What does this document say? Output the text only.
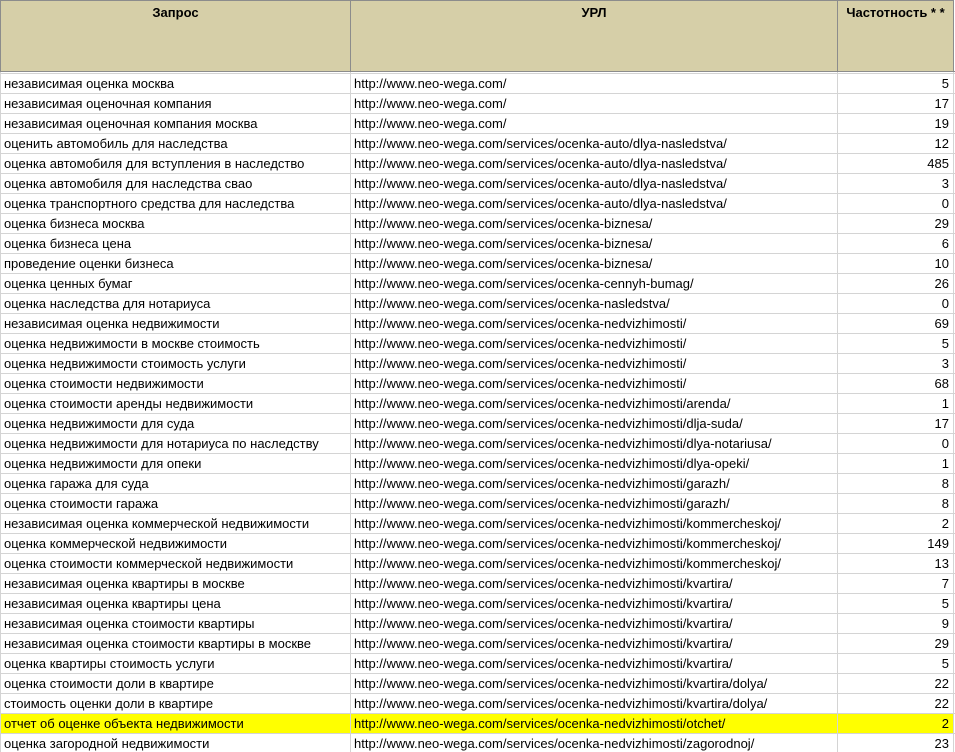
Запрос	УРЛ	Частотность * *	

независимая оценка москва	http://www.neo-wega.com/	5	
независимая оценочная компания	http://www.neo-wega.com/	17	
независимая оценочная компания москва	http://www.neo-wega.com/	19	
оценить автомобиль для наследства	http://www.neo-wega.com/services/ocenka-auto/dlya-nasledstva/	12	
оценка автомобиля для вступления в наследство	http://www.neo-wega.com/services/ocenka-auto/dlya-nasledstva/	485	
оценка автомобиля для наследства свао	http://www.neo-wega.com/services/ocenka-auto/dlya-nasledstva/	3	
оценка транспортного средства для наследства	http://www.neo-wega.com/services/ocenka-auto/dlya-nasledstva/	0	
оценка бизнеса москва	http://www.neo-wega.com/services/ocenka-biznesa/	29	
оценка бизнеса цена	http://www.neo-wega.com/services/ocenka-biznesa/	6	
проведение оценки бизнеса	http://www.neo-wega.com/services/ocenka-biznesa/	10	
оценка ценных бумаг	http://www.neo-wega.com/services/ocenka-cennyh-bumag/	26	
оценка наследства для нотариуса	http://www.neo-wega.com/services/ocenka-nasledstva/	0	
независимая оценка недвижимости	http://www.neo-wega.com/services/ocenka-nedvizhimosti/	69	
оценка недвижимости в москве стоимость	http://www.neo-wega.com/services/ocenka-nedvizhimosti/	5	
оценка недвижимости стоимость услуги	http://www.neo-wega.com/services/ocenka-nedvizhimosti/	3	
оценка стоимости недвижимости	http://www.neo-wega.com/services/ocenka-nedvizhimosti/	68	
оценка стоимости аренды недвижимости	http://www.neo-wega.com/services/ocenka-nedvizhimosti/arenda/	1	
оценка недвижимости для суда	http://www.neo-wega.com/services/ocenka-nedvizhimosti/dlja-suda/	17	
оценка недвижимости для нотариуса по наследству	http://www.neo-wega.com/services/ocenka-nedvizhimosti/dlya-notariusa/	0	
оценка недвижимости для опеки	http://www.neo-wega.com/services/ocenka-nedvizhimosti/dlya-opeki/	1	
оценка гаража для суда	http://www.neo-wega.com/services/ocenka-nedvizhimosti/garazh/	8	
оценка стоимости гаража	http://www.neo-wega.com/services/ocenka-nedvizhimosti/garazh/	8	
независимая оценка коммерческой недвижимости	http://www.neo-wega.com/services/ocenka-nedvizhimosti/kommercheskoj/	2	
оценка коммерческой недвижимости	http://www.neo-wega.com/services/ocenka-nedvizhimosti/kommercheskoj/	149	
оценка стоимости коммерческой недвижимости	http://www.neo-wega.com/services/ocenka-nedvizhimosti/kommercheskoj/	13	
независимая оценка квартиры в москве	http://www.neo-wega.com/services/ocenka-nedvizhimosti/kvartira/	7	
независимая оценка квартиры цена	http://www.neo-wega.com/services/ocenka-nedvizhimosti/kvartira/	5	
независимая оценка стоимости квартиры	http://www.neo-wega.com/services/ocenka-nedvizhimosti/kvartira/	9	
независимая оценка стоимости квартиры в москве	http://www.neo-wega.com/services/ocenka-nedvizhimosti/kvartira/	29	
оценка квартиры стоимость услуги	http://www.neo-wega.com/services/ocenka-nedvizhimosti/kvartira/	5	
оценка стоимости доли в квартире	http://www.neo-wega.com/services/ocenka-nedvizhimosti/kvartira/dolya/	22	
стоимость оценки доли в квартире	http://www.neo-wega.com/services/ocenka-nedvizhimosti/kvartira/dolya/	22	
отчет об оценке объекта недвижимости	http://www.neo-wega.com/services/ocenka-nedvizhimosti/otchet/	2	
оценка загородной недвижимости	http://www.neo-wega.com/services/ocenka-nedvizhimosti/zagorodnoj/	23	
